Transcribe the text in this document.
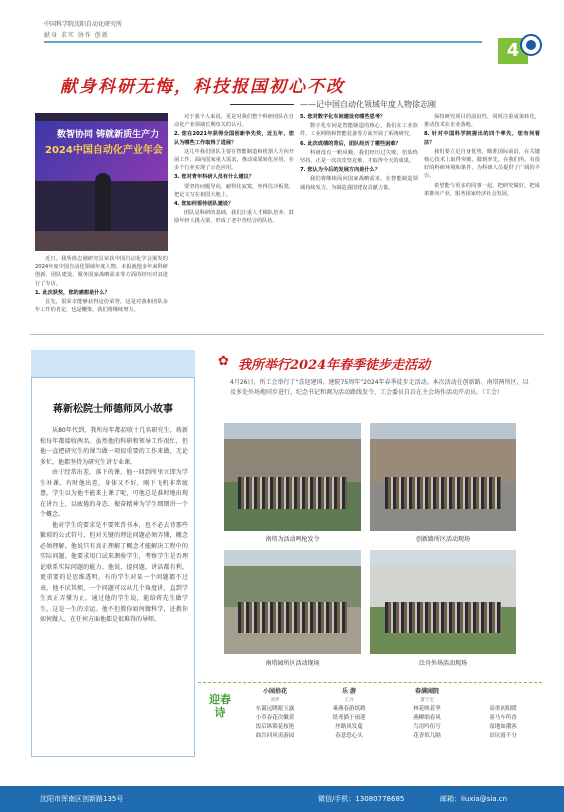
中国科学院沈阳自动化研究所
献身 求实 协作 创新
4
献身科研无悔，科技报国初心不改
——记中国自动化领域年度人物徐志刚
数智协同 铸就新质生产力
2024中国自动化产业年会

近日，我所徐志刚研究员荣获中国自动化学会颁发的2024年度中国自动化领域年度人物。本报就他多年来科研创新、团队建设、服务国家战略需求等方面的经历对其进行了专访。

1. 此次获奖，您的感想是什么？

首先，很荣幸能够获得这份荣誉，这是对我和团队多年工作的肯定，也是鞭策，我们将继续努力。

对于我个人来说，更是对我们整个科研团队在自动化产业领域长期攻关的认可。

2. 您在2021年获得全国创新争先奖，近五年，您认为哪些工作取得了进展？

这几年我们团队主要在智能制造和机器人方向开展工作，面向国家重大需求，推动成果转化应用，在多个行业实现了示范应用。

3. 您对青年科研人员有什么建议？

要坚持问题导向，耐得住寂寞，坐得住冷板凳，把论文写在祖国大地上。

4. 您如何看待团队建设？

团队是科研的基础，我们注重人才梯队培养，鼓励年轻人挑大梁，形成了老中青结合的队伍。

5. 您对数字化车间建设有哪些思考？

数字化车间是智能制造的核心，我们在工业软件、工业网络和智能装备等方面开展了系统研究。

6. 此次成绩的背后，团队经历了哪些困难？

科研没有一帆风顺，我们经历过失败，但始终坚持，正是一次次攻坚克难，才取得今天的成果。

7. 您认为今后的发展方向是什么？

我们将继续面向国家战略需求，在智能制造领域持续发力，为制造强国建设贡献力量。

保持研究项目的前沿性，同时注重成果转化，推动技术在企业落地。

8. 针对中国科学院提出的四个率先，您有何看法？

我们要立足自身优势，瞄准国际前沿，在关键核心技术上取得突破，做到率先。在我们所，有很好的科研环境和条件，为科研人员提供了广阔的平台。

希望能与更多的同事一起，把研究做好，把成果推向产业，服务国家经济社会发展。

蒋新松院士师德师风小故事

从80年代到，我所每年都招收十几名研究生，蒋新松每年都接收两名。虽然他的科研和领导工作很忙，但他一直把研究生的课当做一项很重要的工作来做。无论多忙，他都坚持为研究生讲专业课。

由于经常出差，落下的课，他一回到所里立即为学生补课。有时他出差，身体又不好，刚下飞机非常疲惫，学生以为他不能来上课了呢，可他总是准时地出现在讲台上，以疲倦的身态，振奋精神为学生细细讲一个个概念。

他对学生的要求是不要死背书本，也不必去背那些繁琐的公式符号，但对关键的理论问题必须弄懂，概念必须理解。他说只有真正理解了概念才能解决工程中的实际问题。他要求用口试来测验学生，考察学生是否理论联系实际问题的能力。他说，提问题，讲话都有利，更重要的是思维透明，有的学生对某一个问题都不过表，他不厌其烦，一个问题可以从几个角度讲，直到学生真正弄懂为止。通过他的学生说，能给蒋先生做学生，这是一生的幸运。他不但教你如何做科学，还教你如何做人，在任何方面他都是很难得的导师。

✿ 我所举行2024年春季徒步走活动
4月26日，所工会举行了“喜迎建国、建院75周年”2024年春季徒步走活动。本次活动在创新路、南塔两所区，以及多处外场地同步进行，纪念书记和调为活动路线发令，工会委员自岩在主会场作活动开动员。（工会）
南塔为活动鸣枪发令	创新路所区活动现场
南塔园所区活动现场	泛舟外场活动现场
迎春诗
小园拾花
刘乔
东篱远眺眼玉露
小草春花次嫩黄
饭后纵锁花枝艳
曲告回风夷游园
乐 游
王丹
乘燕春游纸鹤
纸鸢猫于雨迎
丝路风发蔓
春意恐心头
春满园院
萧兰宝
林花映着坚
燕柳细春风
鸟语吟伍写
花香似几隔
高重初阳暖
童马车所香
湿地如潮客
田坑霞不分
沈阳市浑南区创新路135号	微信/手机：13080778685	邮箱：liuxia@sia.cn
